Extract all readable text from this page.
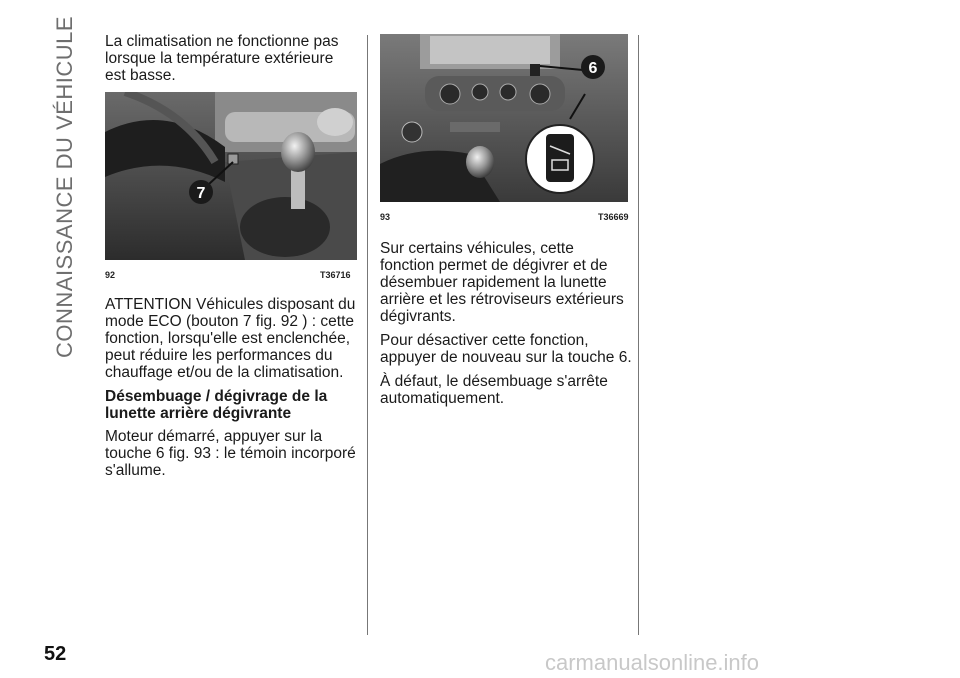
CONNAISSANCE DU VÉHICULE La climatisation ne fonctionne pas lorsque la température extérieure est basse.

7
92	T36716

ATTENTION Véhicules disposant du mode ECO (bouton 7 fig. 92 ) : cette fonction, lorsqu'elle est enclenchée, peut réduire les performances du chauffage et/ou de la climatisation.

Désembuage / dégivrage de la lunette arrière dégivrante

Moteur démarré, appuyer sur la touche 6 fig. 93 : le témoin incorporé s'allume.

6
93	T36669

Sur certains véhicules, cette fonction permet de dégivrer et de désembuer rapidement la lunette arrière et les rétroviseurs extérieurs dégivrants.

Pour désactiver cette fonction, appuyer de nouveau sur la touche 6.

À défaut, le désembuage s'arrête automatiquement.

52	carmanualsonline.info
